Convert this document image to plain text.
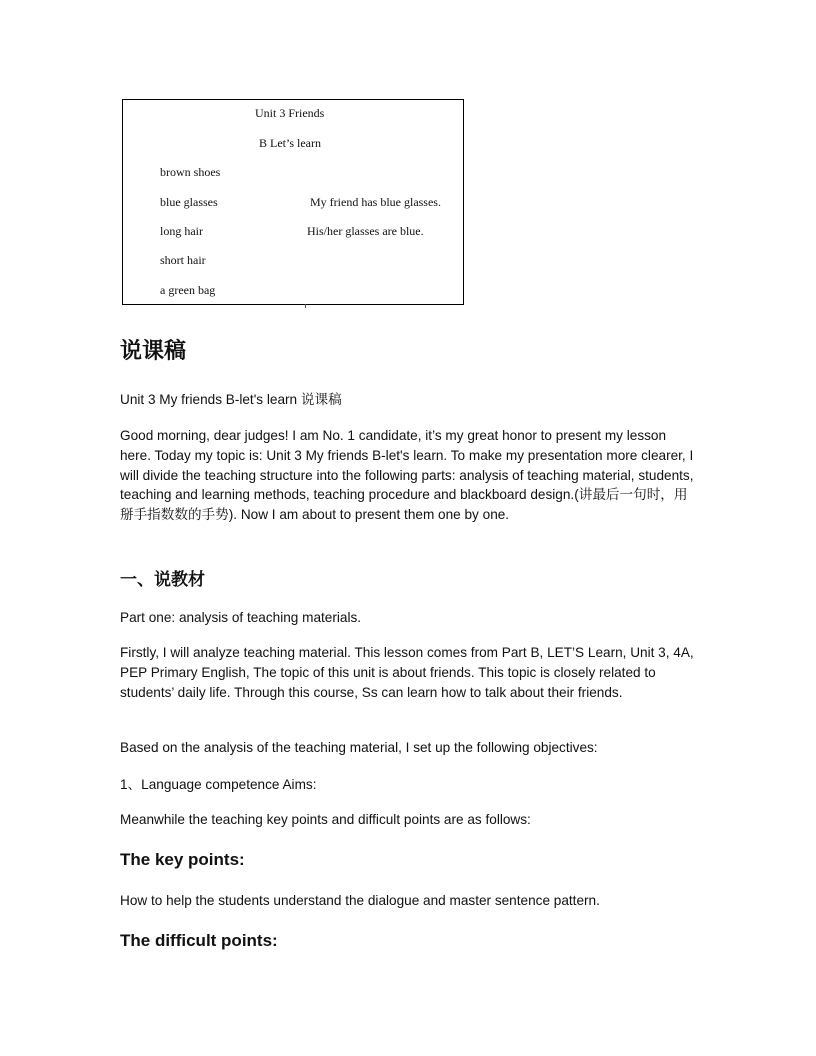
Unit 3 Friends
B Let’s learn
brown shoes
blue glasses
long hair
short hair
a green bag
My friend has blue glasses.
His/her glasses are blue.
说课稿

Unit 3 My friends B-let's learn 说课稿

Good morning, dear judges! I am No. 1 candidate, it’s my great honor to present my lesson here. Today my topic is: Unit 3 My friends B-let's learn. To make my presentation more clearer, I will divide the teaching structure into the following parts: analysis of teaching material, students, teaching and learning methods, teaching procedure and blackboard design.(讲最后一句时，用掰手指数数的手势). Now I am about to present them one by one.

一、说教材

Part one: analysis of teaching materials.

Firstly, I will analyze teaching material. This lesson comes from Part B, LET’S Learn, Unit 3, 4A, PEP Primary English, The topic of this unit is about friends. This topic is closely related to students’ daily life. Through this course, Ss can learn how to talk about their friends.

Based on the analysis of the teaching material, I set up the following objectives:

1、Language competence Aims:

Meanwhile the teaching key points and difficult points are as follows:

The key points:

How to help the students understand the dialogue and master sentence pattern.

The difficult points:
